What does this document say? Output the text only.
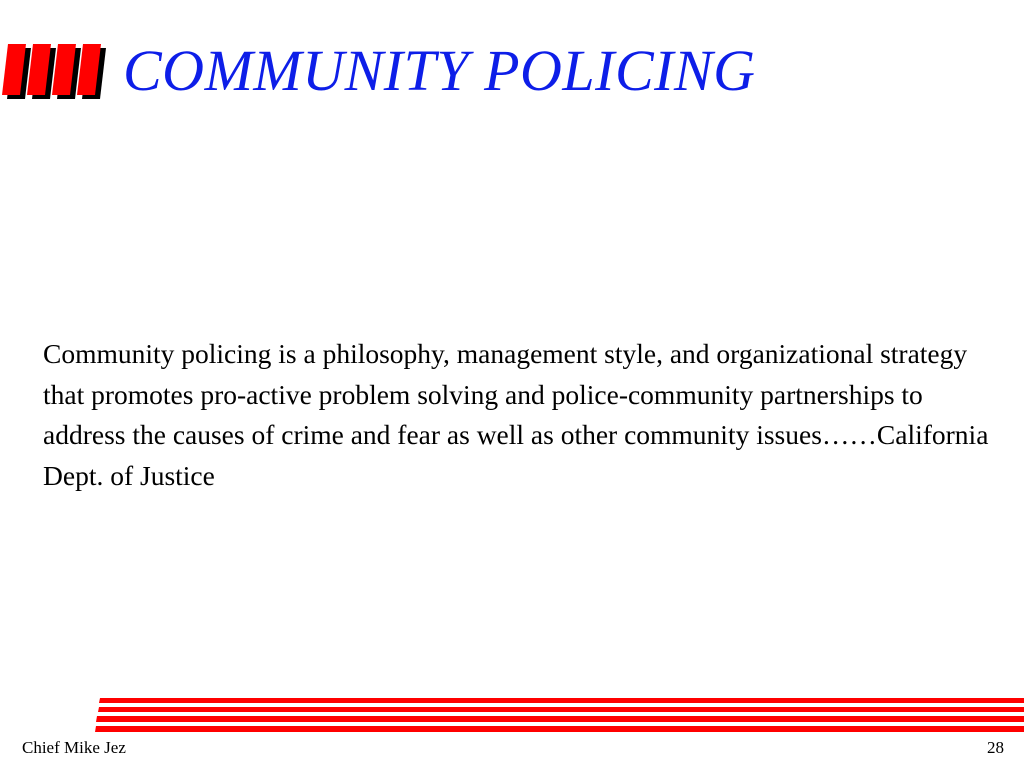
COMMUNITY POLICING

Community policing is a philosophy, management style, and organizational strategy that promotes pro-active problem solving and police-community partnerships to address the causes of crime and fear as well as other community issues……California Dept. of Justice

Chief Mike Jez	28
